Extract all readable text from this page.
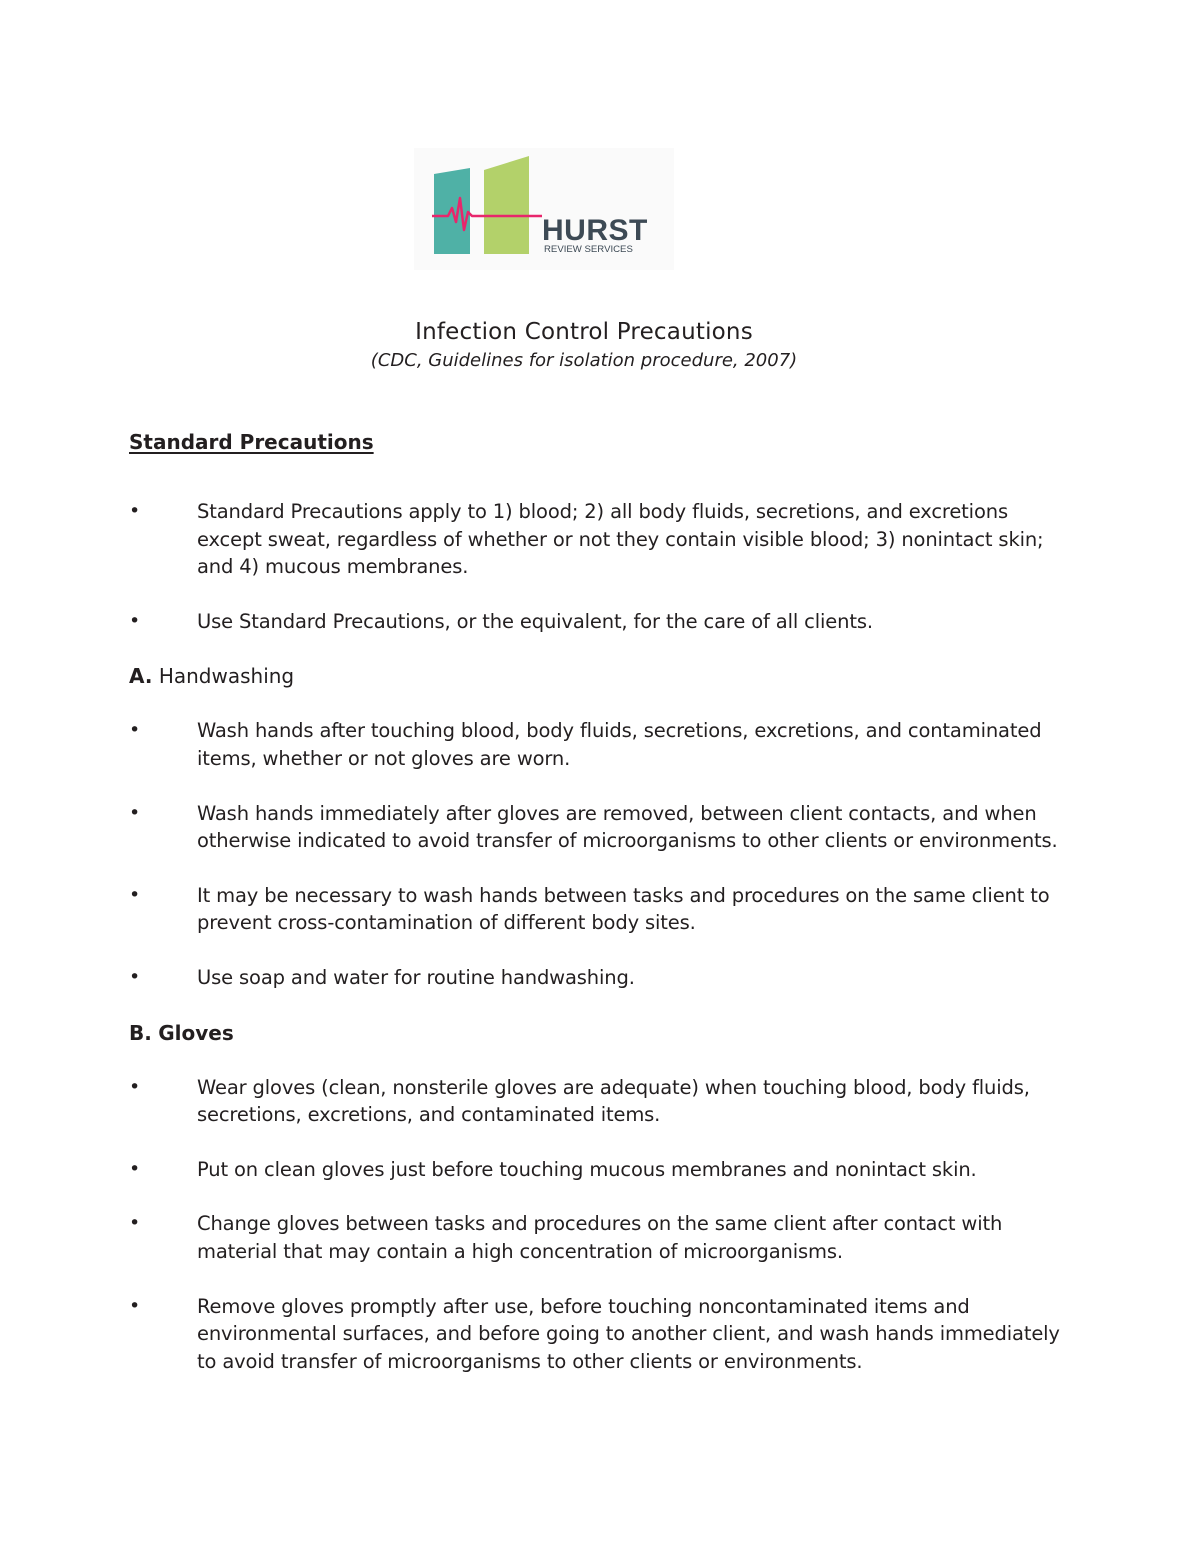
HURST
REVIEW SERVICES
Infection Control Precautions
(CDC, Guidelines for isolation procedure, 2007)
Standard Precautions
•	Standard Precautions apply to 1) blood; 2) all body fluids, secretions, and excretions except sweat, regardless of whether or not they contain visible blood; 3) nonintact skin; and 4) mucous membranes.
•	Use Standard Precautions, or the equivalent, for the care of all clients.
A. Handwashing
•	Wash hands after touching blood, body fluids, secretions, excretions, and contaminated items, whether or not gloves are worn.
•	Wash hands immediately after gloves are removed, between client contacts, and when otherwise indicated to avoid transfer of microorganisms to other clients or environments.
•	It may be necessary to wash hands between tasks and procedures on the same client to prevent cross-contamination of different body sites.
•	Use soap and water for routine handwashing.
B. Gloves
•	Wear gloves (clean, nonsterile gloves are adequate) when touching blood, body fluids, secretions, excretions, and contaminated items.
•	Put on clean gloves just before touching mucous membranes and nonintact skin.
•	Change gloves between tasks and procedures on the same client after contact with material that may contain a high concentration of microorganisms.
•	Remove gloves promptly after use, before touching noncontaminated items and environmental surfaces, and before going to another client, and wash hands immediately to avoid transfer of microorganisms to other clients or environments.
